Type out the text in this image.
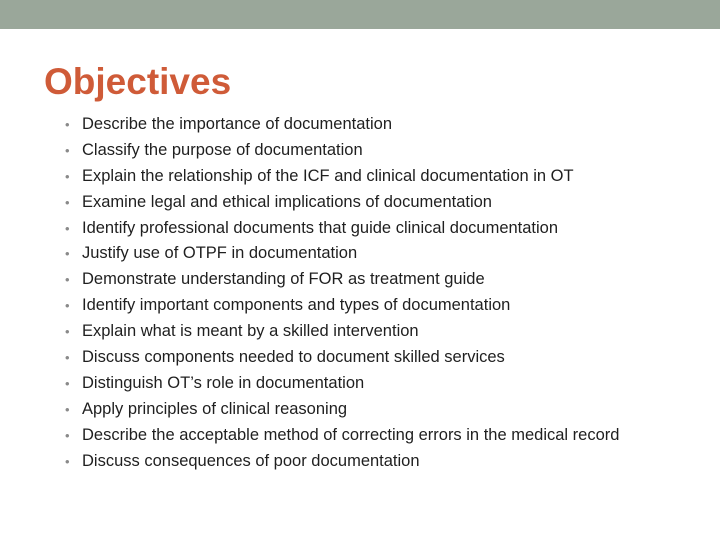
Objectives
• Describe the importance of documentation
• Classify the purpose of documentation
• Explain the relationship of the ICF and clinical documentation in OT
• Examine legal and ethical implications of documentation
• Identify professional documents that guide clinical documentation
• Justify use of OTPF in documentation
• Demonstrate understanding of FOR as treatment guide
• Identify important components and types of documentation
• Explain what is meant by a skilled intervention
• Discuss components needed to document skilled services
• Distinguish OT’s role in documentation
• Apply principles of clinical reasoning
• Describe the acceptable method of correcting errors in the medical record
• Discuss consequences of poor documentation
